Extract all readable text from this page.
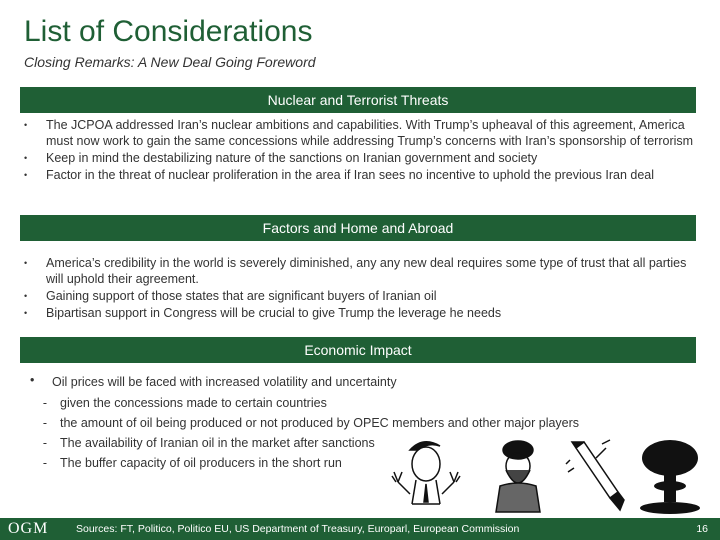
List of Considerations
Closing Remarks: A New Deal Going Foreword
Nuclear and Terrorist Threats
•	The JCPOA addressed Iran’s nuclear ambitions and capabilities. With Trump’s upheaval of this agreement, America must now work to gain the same concessions while addressing Trump’s concerns with Iran’s sponsorship of terrorism
•	Keep in mind the destabilizing nature of the sanctions on Iranian government and society
•	Factor in the threat of nuclear proliferation in the area if Iran sees no incentive to uphold the previous Iran deal
Factors and Home and Abroad
•	America’s credibility in the world is severely diminished, any any new deal requires some type of trust that all parties will uphold their agreement.
•	Gaining support of those states that are significant buyers of Iranian oil
•	Bipartisan support in Congress will be crucial to give Trump the leverage he needs
Economic Impact
•	Oil prices will be faced with increased volatility and uncertainty
-	given the concessions made to certain countries
-	the amount of oil being produced or not produced by OPEC members and other major players
-	The availability of Iranian oil in the market after sanctions
-	The buffer capacity of oil producers in the short run
OGM	Sources: FT, Politico, Politico EU, US Department of Treasury, Europarl, European Commission	16
